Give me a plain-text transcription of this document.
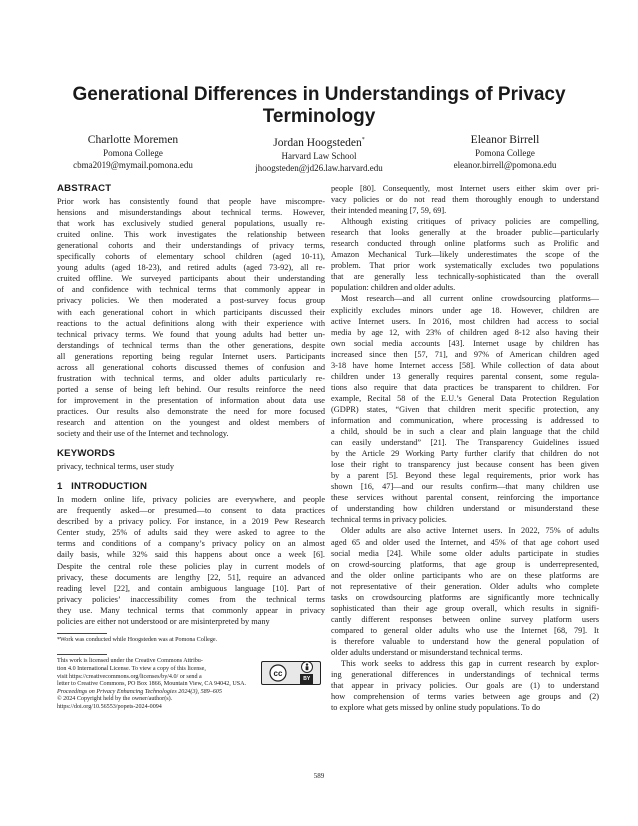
Generational Differences in Understandings of Privacy
Terminology
Charlotte Moremen
Pomona College
cbma2019@mymail.pomona.edu
Jordan Hoogsteden*
Harvard Law School
jhoogsteden@jd26.law.harvard.edu
Eleanor Birrell
Pomona College
eleanor.birrell@pomona.edu
ABSTRACT

Prior work has consistently found that people have miscompre-
hensions and misunderstandings about technical terms. However,
that work has exclusively studied general populations, usually re-
cruited online. This work investigates the relationship between
generational cohorts and their understandings of privacy terms,
specifically cohorts of elementary school children (aged 10-11),
young adults (aged 18-23), and retired adults (aged 73-92), all re-
cruited offline. We surveyed participants about their understanding
of and confidence with technical terms that commonly appear in
privacy policies. We then moderated a post-survey focus group
with each generational cohort in which participants discussed their
reactions to the actual definitions along with their experience with
technical privacy terms. We found that young adults had better un-
derstandings of technical terms than the other generations, despite
all generations reporting being regular Internet users. Participants
across all generational cohorts discussed themes of confusion and
frustration with technical terms, and older adults particularly re-
ported a sense of being left behind. Our results reinforce the need
for improvement in the presentation of information about data use
practices. Our results also demonstrate the need for more focused
research and attention on the youngest and oldest members of
society and their use of the Internet and technology.

KEYWORDS

privacy, technical terms, user study

1 INTRODUCTION

In modern online life, privacy policies are everywhere, and people
are frequently asked—or presumed—to consent to data practices
described by a privacy policy. For instance, in a 2019 Pew Research
Center study, 25% of adults said they were asked to agree to the
terms and conditions of a company’s privacy policy on an almost
daily basis, while 32% said this happens about once a week [6].
Despite the central role these policies play in current models of
privacy, these documents are lengthy [22, 51], require an advanced
reading level [22], and contain ambiguous language [10]. Part of
privacy policies’ inaccessibility comes from the technical terms
they use. Many technical terms that commonly appear in privacy
policies are either not understood or are misinterpreted by many

*Work was conducted while Hoogsteden was at Pomona College.
This work is licensed under the Creative Commons Attribu-
tion 4.0 International License. To view a copy of this license,
visit https://creativecommons.org/licenses/by/4.0/ or send a
letter to Creative Commons, PO Box 1866, Mountain View, CA 94042, USA.
cc
BY
Proceedings on Privacy Enhancing Technologies 2024(3), 589–605
© 2024 Copyright held by the owner/author(s).
https://doi.org/10.56553/popets-2024-0094

people [80]. Consequently, most Internet users either skim over pri-
vacy policies or do not read them thoroughly enough to understand
their intended meaning [7, 59, 69].

Although existing critiques of privacy policies are compelling,
research that looks generally at the broader public—particularly
research conducted through online platforms such as Prolific and
Amazon Mechanical Turk—likely underestimates the scope of the
problem. That prior work systematically excludes two populations
that are generally less technically-sophisticated than the overall
population: children and older adults.

Most research—and all current online crowdsourcing platforms—
explicitly excludes minors under age 18. However, children are
active Internet users. In 2016, most children had access to social
media by age 12, with 23% of children aged 8-12 also having their
own social media accounts [43]. Internet usage by children has
increased since then [57, 71], and 97% of American children aged
3-18 have home Internet access [58]. While collection of data about
children under 13 generally requires parental consent, some regula-
tions also require that data practices be transparent to children. For
example, Recital 58 of the E.U.’s General Data Protection Regulation
(GDPR) states, “Given that children merit specific protection, any
information and communication, where processing is addressed to
a child, should be in such a clear and plain language that the child
can easily understand” [21]. The Transparency Guidelines issued
by the Article 29 Working Party further clarify that children do not
lose their right to transparency just because consent has been given
by a parent [5]. Beyond these legal requirements, prior work has
shown [16, 47]—and our results confirm—that many children use
these services without parental consent, reinforcing the importance
of understanding how children understand or misunderstand these
technical terms in privacy policies.

Older adults are also active Internet users. In 2022, 75% of adults
aged 65 and older used the Internet, and 45% of that age cohort used
social media [24]. While some older adults participate in studies
on crowd-sourcing platforms, that age group is underrepresented,
and the older online participants who are on these platforms are
not representative of their generation. Older adults who complete
tasks on crowdsourcing platforms are significantly more technically
sophisticated than their age group overall, which results in signifi-
cantly different responses between online survey platform users
compared to general older adults who use the Internet [68, 79]. It
is therefore valuable to understand how the general population of
older adults understand or misunderstand technical terms.

This work seeks to address this gap in current research by explor-
ing generational differences in understandings of technical terms
that appear in privacy policies. Our goals are (1) to understand
how comprehension of terms varies between age groups and (2)
to explore what gets missed by online study populations. To do

589
